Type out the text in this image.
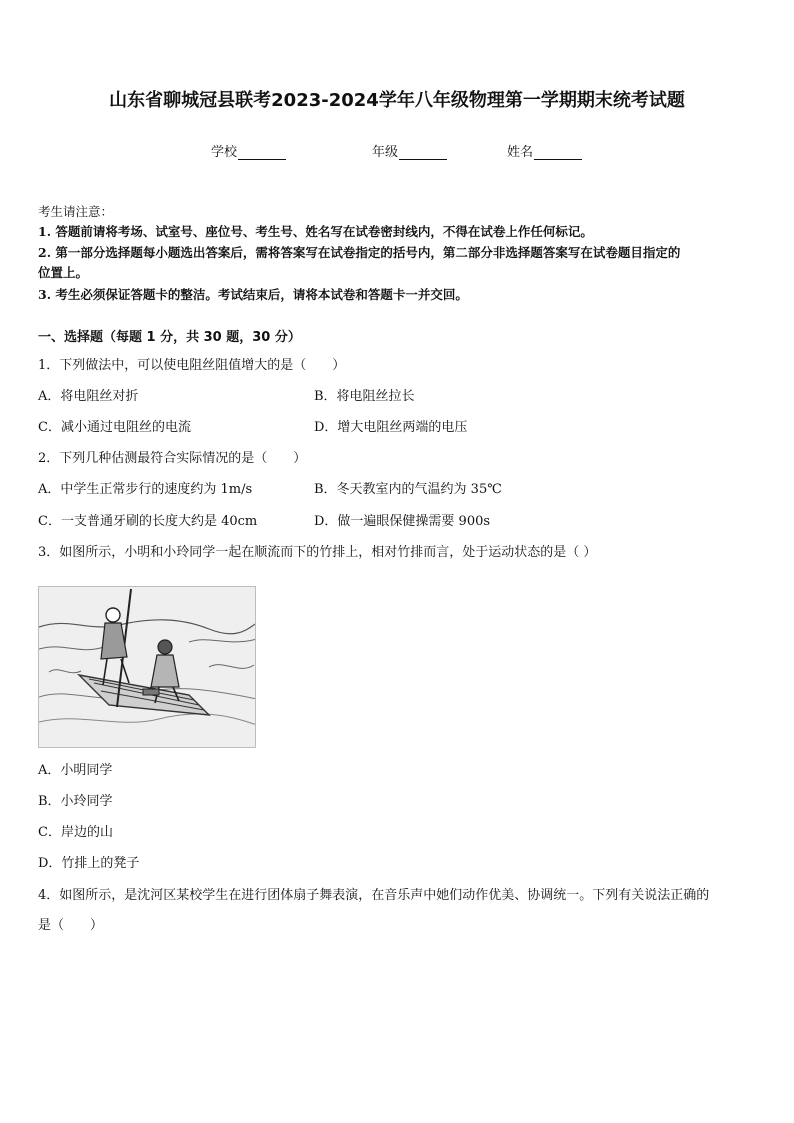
山东省聊城冠县联考2023-2024学年八年级物理第一学期期末统考试题
学校	年级	姓名
考生请注意：
1. 答题前请将考场、试室号、座位号、考生号、姓名写在试卷密封线内，不得在试卷上作任何标记。
2. 第一部分选择题每小题选出答案后，需将答案写在试卷指定的括号内，第二部分非选择题答案写在试卷题目指定的
位置上。
3. 考生必须保证答题卡的整洁。考试结束后，请将本试卷和答题卡一并交回。
一、选择题（每题 1 分，共 30 题，30 分）
1．下列做法中，可以使电阻丝阻值增大的是（　　）
A．将电阻丝对折	B．将电阻丝拉长
C．减小通过电阻丝的电流	D．增大电阻丝两端的电压
2．下列几种估测最符合实际情况的是（　　）
A．中学生正常步行的速度约为 1m/s	B．冬天教室内的气温约为 35℃
C．一支普通牙刷的长度大约是 40cm	D．做一遍眼保健操需要 900s
3．如图所示，小明和小玲同学一起在顺流而下的竹排上，相对竹排而言，处于运动状态的是（ ）
A．小明同学
B．小玲同学
C．岸边的山
D．竹排上的凳子
4．如图所示，是沈河区某校学生在进行团体扇子舞表演，在音乐声中她们动作优美、协调统一。下列有关说法正确的
是（　　）
